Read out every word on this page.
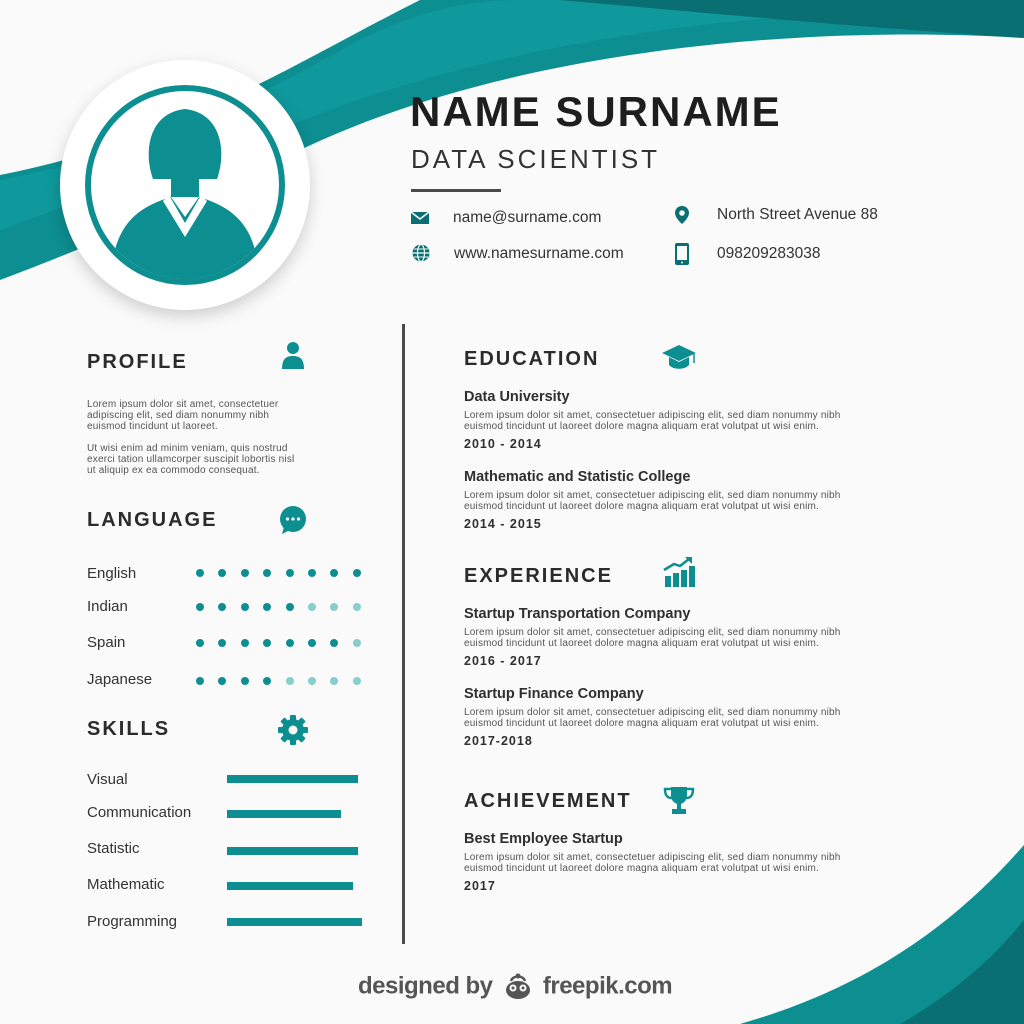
NAME SURNAME
DATA SCIENTIST
name@surname.com
www.namesurname.com
North Street Avenue 88
098209283038
PROFILE
Lorem ipsum dolor sit amet, consectetuer
adipiscing elit, sed diam nonummy nibh
euismod tincidunt ut laoreet.
Ut wisi enim ad minim veniam, quis nostrud
exerci tation ullamcorper suscipit lobortis nisl
ut aliquip ex ea commodo consequat.
LANGUAGE
English
Indian
Spain
Japanese
SKILLS
Visual
Communication
Statistic
Mathematic
Programming
EDUCATION
Data University
Lorem ipsum dolor sit amet, consectetuer adipiscing elit, sed diam nonummy nibh
euismod tincidunt ut laoreet dolore magna aliquam erat volutpat ut wisi enim.
2010 - 2014
Mathematic and Statistic College
Lorem ipsum dolor sit amet, consectetuer adipiscing elit, sed diam nonummy nibh
euismod tincidunt ut laoreet dolore magna aliquam erat volutpat ut wisi enim.
2014 - 2015
EXPERIENCE
Startup Transportation Company
Lorem ipsum dolor sit amet, consectetuer adipiscing elit, sed diam nonummy nibh
euismod tincidunt ut laoreet dolore magna aliquam erat volutpat ut wisi enim.
2016 - 2017
Startup Finance Company
Lorem ipsum dolor sit amet, consectetuer adipiscing elit, sed diam nonummy nibh
euismod tincidunt ut laoreet dolore magna aliquam erat volutpat ut wisi enim.
2017-2018
ACHIEVEMENT
Best Employee Startup
Lorem ipsum dolor sit amet, consectetuer adipiscing elit, sed diam nonummy nibh
euismod tincidunt ut laoreet dolore magna aliquam erat volutpat ut wisi enim.
2017
designed by freepik.com
